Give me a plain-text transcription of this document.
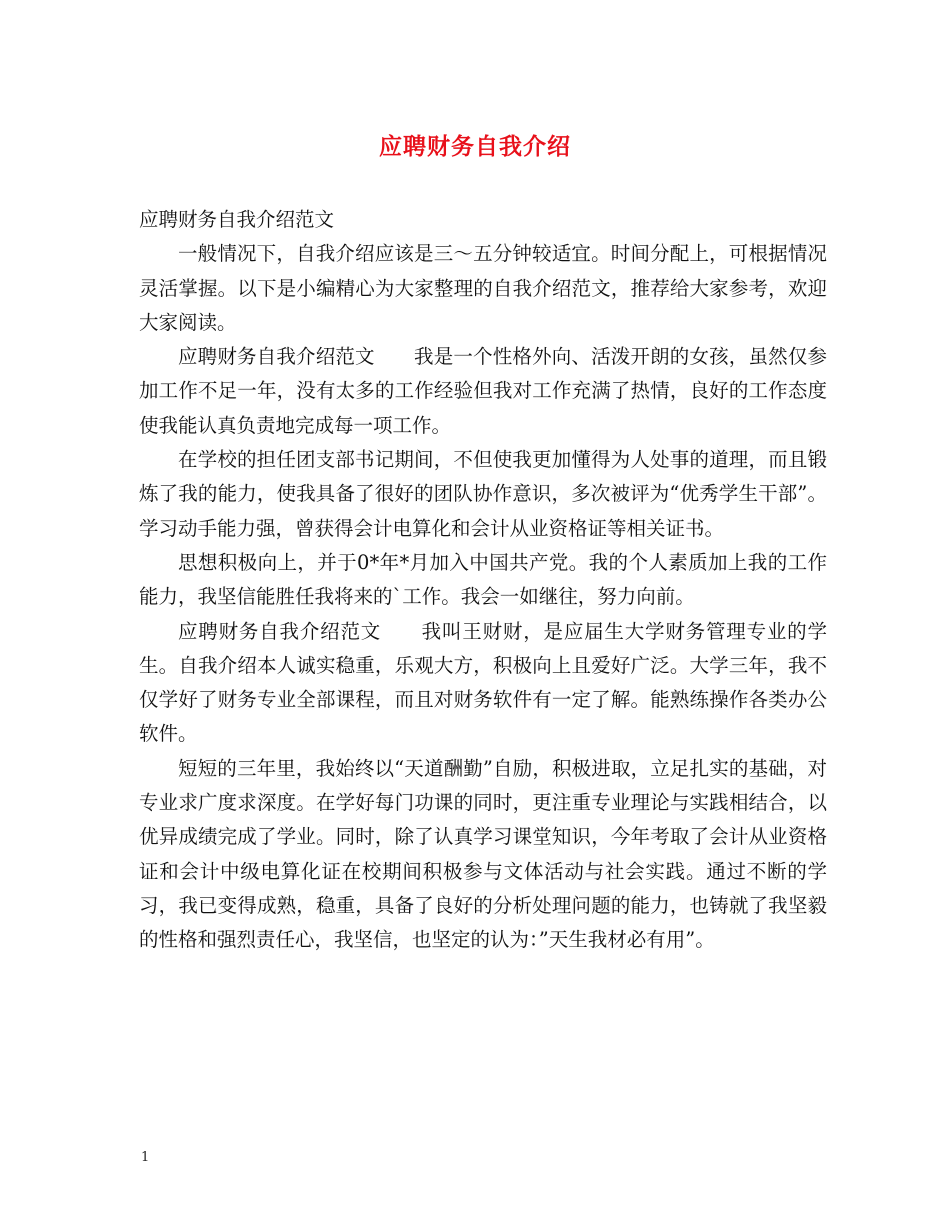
应聘财务自我介绍

应聘财务自我介绍范文

一般情况下，自我介绍应该是三～五分钟较适宜。时间分配上，可根据情况灵活掌握。以下是小编精心为大家整理的自我介绍范文，推荐给大家参考，欢迎大家阅读。

应聘财务自我介绍范文　　我是一个性格外向、活泼开朗的女孩，虽然仅参加工作不足一年，没有太多的工作经验但我对工作充满了热情，良好的工作态度使我能认真负责地完成每一项工作。

在学校的担任团支部书记期间，不但使我更加懂得为人处事的道理，而且锻炼了我的能力，使我具备了很好的团队协作意识，多次被评为“优秀学生干部”。学习动手能力强，曾获得会计电算化和会计从业资格证等相关证书。

思想积极向上，并于0*年*月加入中国共产党。我的个人素质加上我的工作能力，我坚信能胜任我将来的`工作。我会一如继往，努力向前。

应聘财务自我介绍范文　　我叫王财财，是应届生大学财务管理专业的学生。自我介绍本人诚实稳重，乐观大方，积极向上且爱好广泛。大学三年，我不仅学好了财务专业全部课程，而且对财务软件有一定了解。能熟练操作各类办公软件。

短短的三年里，我始终以“天道酬勤”自励，积极进取，立足扎实的基础，对专业求广度求深度。在学好每门功课的同时，更注重专业理论与实践相结合，以优异成绩完成了学业。同时，除了认真学习课堂知识，今年考取了会计从业资格证和会计中级电算化证在校期间积极参与文体活动与社会实践。通过不断的学习，我已变得成熟，稳重，具备了良好的分析处理问题的能力，也铸就了我坚毅的性格和强烈责任心，我坚信，也坚定的认为：”天生我材必有用”。

1
